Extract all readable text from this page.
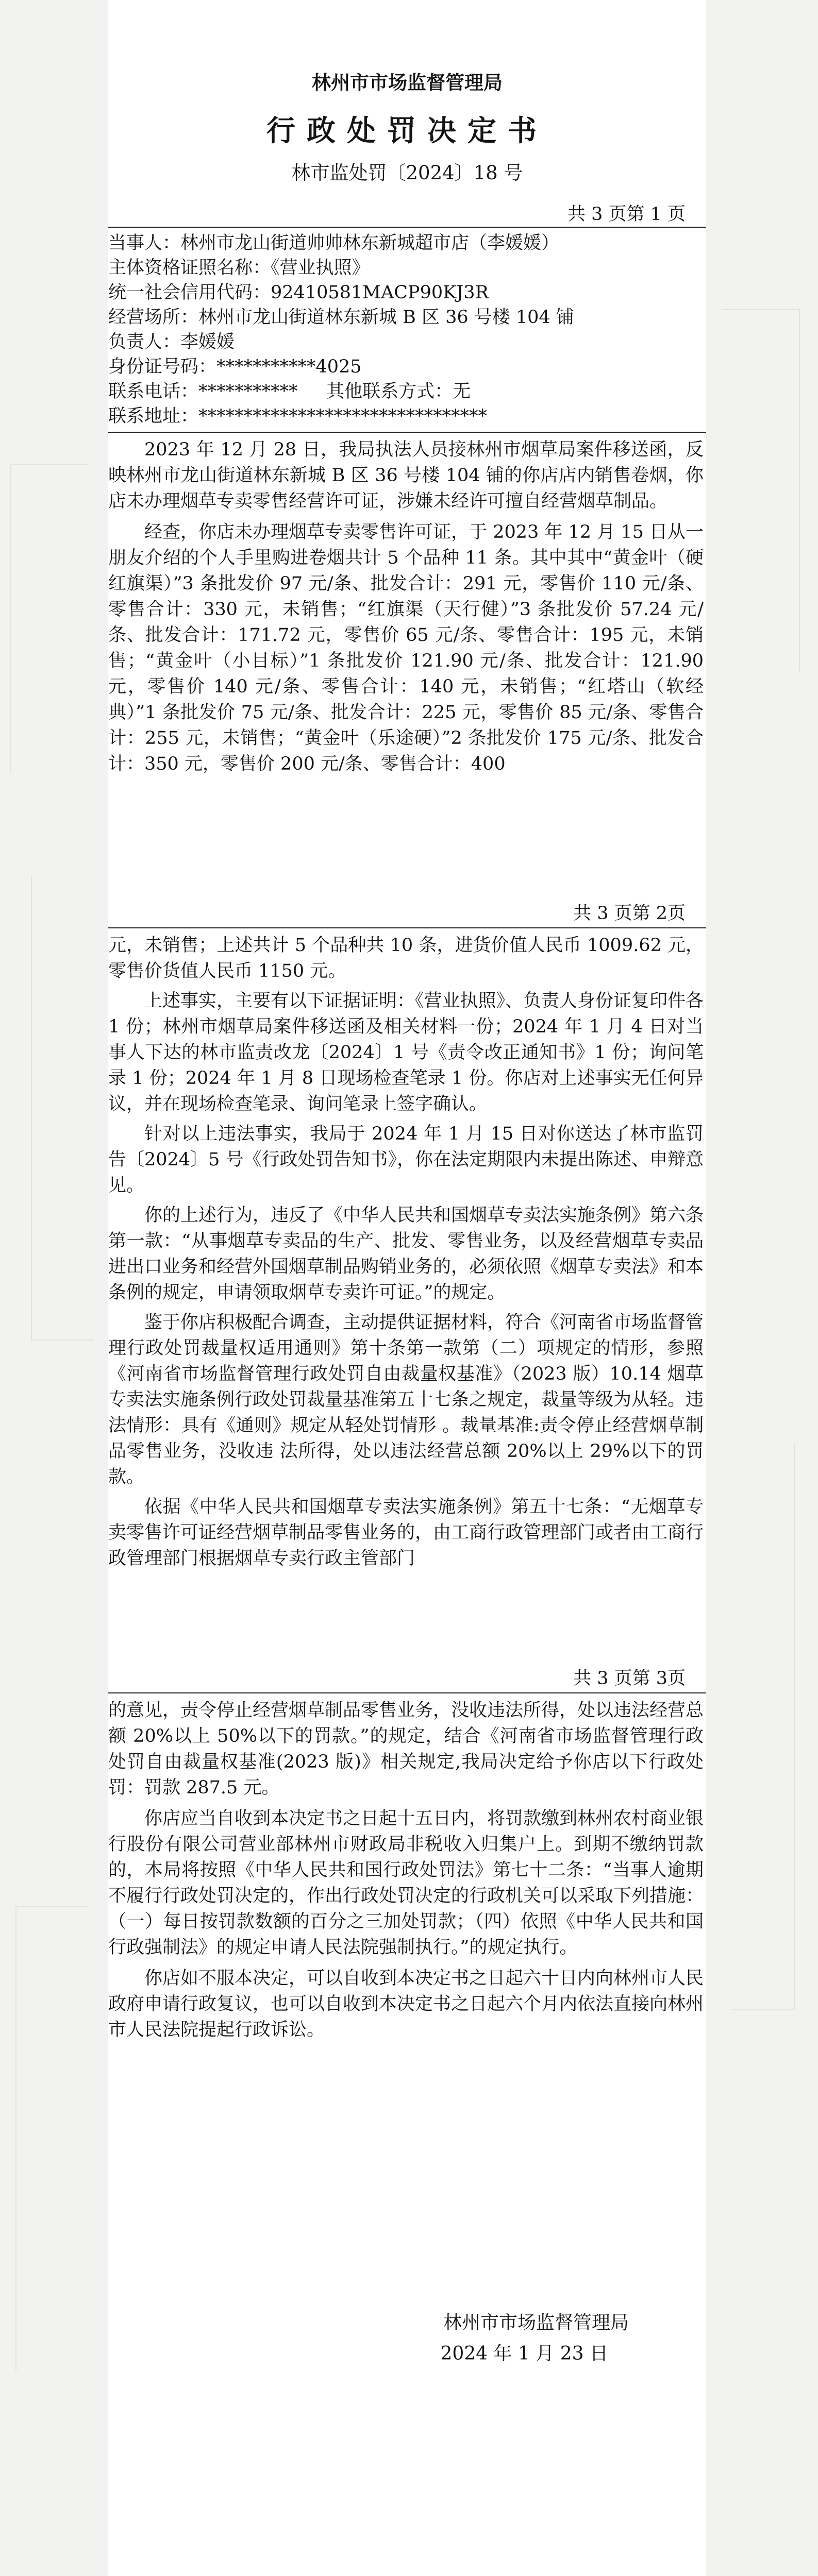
林州市市场监督管理局
行政处罚决定书
林市监处罚〔2024〕18 号
共 3 页第 1 页
当事人：林州市龙山街道帅帅林东新城超市店（李媛媛）
主体资格证照名称：《营业执照》
统一社会信用代码：92410581MACP90KJ3R
经营场所：林州市龙山街道林东新城 B 区 36 号楼 104 铺
负责人：李媛媛
身份证号码：***********4025
联系电话：***********     其他联系方式：无
联系地址：********************************

2023 年 12 月 28 日，我局执法人员接林州市烟草局案件移送函，反映林州市龙山街道林东新城 B 区 36 号楼 104 铺的你店店内销售卷烟，你店未办理烟草专卖零售经营许可证，涉嫌未经许可擅自经营烟草制品。

经查，你店未办理烟草专卖零售许可证，于 2023 年 12 月 15 日从一朋友介绍的个人手里购进卷烟共计 5 个品种 11 条。其中其中“黄金叶（硬红旗渠）”3 条批发价 97 元/条、批发合计：291 元，零售价 110 元/条、零售合计：330 元，未销售；“红旗渠（天行健）”3 条批发价 57.24 元/条、批发合计：171.72 元，零售价 65 元/条、零售合计：195 元，未销售；“黄金叶（小目标）”1 条批发价 121.90 元/条、批发合计：121.90 元，零售价 140 元/条、零售合计：140 元，未销售；“红塔山（软经典）”1 条批发价 75 元/条、批发合计：225 元，零售价 85 元/条、零售合计：255 元，未销售；“黄金叶（乐途硬）”2 条批发价 175 元/条、批发合计：350 元，零售价 200 元/条、零售合计：400

共 3 页第 2页

元，未销售；上述共计 5 个品种共 10 条，进货价值人民币 1009.62 元，零售价货值人民币 1150 元。

上述事实，主要有以下证据证明：《营业执照》、负责人身份证复印件各 1 份；林州市烟草局案件移送函及相关材料一份；2024 年 1 月 4 日对当事人下达的林市监责改龙〔2024〕1 号《责令改正通知书》1 份；询问笔录 1 份；2024 年 1 月 8 日现场检查笔录 1 份。你店对上述事实无任何异议，并在现场检查笔录、询问笔录上签字确认。

针对以上违法事实，我局于 2024 年 1 月 15 日对你送达了林市监罚告〔2024〕5 号《行政处罚告知书》，你在法定期限内未提出陈述、申辩意见。

你的上述行为，违反了《中华人民共和国烟草专卖法实施条例》第六条第一款：“从事烟草专卖品的生产、批发、零售业务，以及经营烟草专卖品进出口业务和经营外国烟草制品购销业务的，必须依照《烟草专卖法》和本条例的规定，申请领取烟草专卖许可证。”的规定。

鉴于你店积极配合调查，主动提供证据材料，符合《河南省市场监督管理行政处罚裁量权适用通则》第十条第一款第（二）项规定的情形，参照《河南省市场监督管理行政处罚自由裁量权基准》（2023 版）10.14 烟草专卖法实施条例行政处罚裁量基准第五十七条之规定，裁量等级为从轻。违法情形：具有《通则》规定从轻处罚情形 。裁量基准:责令停止经营烟草制品零售业务，没收违 法所得，处以违法经营总额 20%以上 29%以下的罚款。

依据《中华人民共和国烟草专卖法实施条例》第五十七条：“无烟草专卖零售许可证经营烟草制品零售业务的，由工商行政管理部门或者由工商行政管理部门根据烟草专卖行政主管部门

共 3 页第 3页

的意见，责令停止经营烟草制品零售业务，没收违法所得，处以违法经营总额 20%以上 50%以下的罚款。”的规定，结合《河南省市场监督管理行政处罚自由裁量权基准(2023 版)》相关规定,我局决定给予你店以下行政处罚：罚款 287.5 元。

你店应当自收到本决定书之日起十五日内，将罚款缴到林州农村商业银行股份有限公司营业部林州市财政局非税收入归集户上。到期不缴纳罚款的，本局将按照《中华人民共和国行政处罚法》第七十二条：“当事人逾期不履行行政处罚决定的，作出行政处罚决定的行政机关可以采取下列措施：（一）每日按罚款数额的百分之三加处罚款；（四）依照《中华人民共和国行政强制法》的规定申请人民法院强制执行。”的规定执行。

你店如不服本决定，可以自收到本决定书之日起六十日内向林州市人民政府申请行政复议，也可以自收到本决定书之日起六个月内依法直接向林州市人民法院提起行政诉讼。

林州市市场监督管理局
2024 年 1 月 23 日
